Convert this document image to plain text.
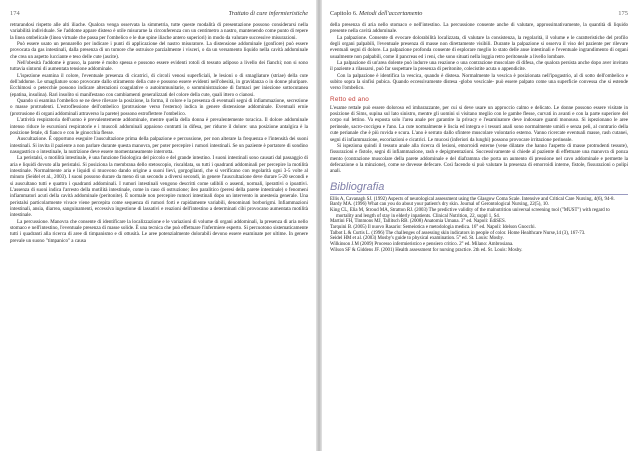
174	Trattato di cure infermieristiche

retrarandosi rispetto alle alti iliache. Qualora venga osservata la simmetria, tutte queste modalità di presentazione possono considerarsi nella variabilità individuale. Se l'addome appare disteso è utile misurarne la circonferenza con un centimetro a nastro, mantenendo come punto di repere la linea ombelicale (linea virtuale che passa per l'ombelico e le due spine iliache antero superiori) in modo da valutare successive misurazioni.

Può essere usato un pennarello per indicare i punti di applicazione del nastro misuratore. La distensione addominale (gonfiore) può essere provocata da gas intestinali, dalla presenza di un tumore che ostruisce parzialmente i visceri, o da un versamento liquido nella cavità addominale che crea un aspetto lucciante e teso delle cute (ascite).

Nell'obesità l'addome è grasso, la parete è molto spessa e possono essere evidenti rotoli di tessuto adiposo a livello dei fianchi; non si sono tuttavia sintomi di aumentata tensione addominale.

L'ispezione esamina il colore, l'eventuale presenza di cicatrici, di circoli venosi superficiali, le lesioni o di smagliature (striae) della cute dell'addome. Le smagliature sono provocate dallo stiramento della cute e possono essere evidenti nell'obesità, in gravidanza o in donne pluripare. Ecchimosi o petecchie possono indicare alterazioni coagulative o autoimmunitarie, o somministrazione di farmaci per iniezione sottocutanea (epatina, insulina). Rari insolito si manifestano con cambiamenti generalizzati del colore della cute, quali ittero o cianosi.

Quando si esamina l'ombelico se ne deve rilevare la posizione, la forma, il colore e la presenza di eventuali segni di infiammazione, secrezione o masse protrudenti. L'estroflessione dell'ombelico (protrusione verso l'esterno) indica in genere distensione addominale. Eventuali ernie (protrusione di organi addominali attraverso la parete) possono estroflettere l'ombelico.

L'attività respiratoria dell'uomo è prevalentemente addominale, mentre quella della donna è prevalentemente toracica. Il dolore addominale intenso riduce le escursioni respiratorie e i muscoli addominali appaiono contratti in difesa, per ridurre il dolore: una posizione antalgica è la posizione fetale, di fianco e con le ginocchia flesse.

Auscultazione. È opportuno eseguire l'auscultazione prima della palpazione e percussione, per non alterare la frequenza e l'intensità dei suoni intestinali. Si invita il paziente a non parlare durante questa manovra, per poter percepire i rumori intestinali. Se un paziente è portatore di sondino nasogastrico o intestinale, la nutrizione deve essere momentaneamente interrotta.

La peristalsi, o motilità intestinale, è una funzione fisiologica del piccolo e del grande intestino. I suoni intestinali sono causati dal passaggio di aria e liquidi dovuto alla peristalsi. Si posiziona la membrana dello stetoscopio, riscaldata, su tutti i quadranti addominali per percepire la motilità intestinale. Normalmente aria e liquidi si muovono dando origine a suoni lievi, gorgoglianti, che si verificano con regolarità ogni 3-5 volte al minuto (Seidel et al., 2003). I suoni possono durare da meno di un secondo a diversi secondi, in genere l'auscultazione deve durare 5-20 secondi e si auscultano tutti e quattro i quadranti addominali. I rumori intestinali vengono descritti come udibili o assenti, normali, iperattivi o ipoattivi. L'assenza di suoni indica l'arresto della motilità intestinale, come in caso di ostruzione; ileo paralitico (peresi della parete intestinale) o fenomeni infiammatori acuti della cavità addominale (peritonite). È normale non percepire rumori intestinali dopo un intervento in anestesia generale. Una peristalsi particolarmente vivace viene percepita come sequenza di rumori forti e rapidamente variabili, denominati borborigmi. Infiammazioni intestinali, ansia, diarrea, sanguinamenti, eccessiva ingestione di lassativi e reazioni dell'intestino a determinati cibi provocano aumentata motilità intestinale.

La percussione. Manovra che consente di identificare la localizzazione e le variazioni di volume di organi addominali, la presenza di aria nello stomaco e nell'intestino, l'eventuale presenza di masse solide. È una tecnica che può effettuare l'infermiere esperto. Si percuotono sistematicamente tutti i quadranti alla ricerca di aree di timpanismo e di ottusità. Le aree potenzialmente dolorabili devono essere esaminate per ultime. In genere prevale un suono "timpanico" a causa

Capitolo 6. Metodi dell'accertamento	175

della presenza di aria nello stomaco e nell'intestino. La percussione consente anche di valutare, approssimativamente, la quantità di liquido presente nella cavità addominale.

La palpazione. Consente di evocare dolorabilità localizzata, di valutare la consistenza, la regolarità, il volume e le caratteristiche del profilo degli organi palpabili, l'eventuale presenza di masse non direttamente visibili. Durante la palpazione si osserva il viso del paziente per rilevare eventuali segni di dolore. La palpazione profonda consente di esplorare meglio lo stato delle anse intestinali e l'eventuale ingrandimento di organi usualmente non palpabili, come il pancreas ed i reni, che sono situati nella loggia retro peritoneale a livello lombare.

La palpazione di un'area dolente può indurre una reazione o una contrazione muscolare di difesa, che qualora persista anche dopo aver invitato il paziente a rilassarsi, può far sospettare la presenza di peritonite, colecistite acuta o appendicite.

Con la palpazione è identifica la vescica, quando è distesa. Normalmente la vescica è posizionata nell'ipogastrio, al di sotto dell'ombelico e subito sopra la sinfisi pubica. Quando eccessivamente distesa -globo vescicale- può essere palpato come una superficie convessa che si estende verso l'ombelico.

Retto ed ano

L'esame rettale può essere doloroso ed imbarazzante, per cui si deve usare un approccio calmo e delicato. Le donne possono essere visitate in posizione di Sims, supina sul lato sinistro, mentre gli uomini si visitano meglio con le gambe flesse, curvati in avanti e con la parte superiore del corpo sul lettino. Va esposta solo l'area anale per garantire la privacy e l'esaminatore deve indossare guanti monouso. Si ispezionano le aree perineale, sacro-coccigea e l'ano. La cute normalmente è liscia ed integra e i tessuti anali sono normalmente umidi e senza peli, al contrario della cute perianale che è più ruvida e scura. L'ano è serrato dallo sfintere muscolare volontario esterno. Vanno ricercate eventuali masse, rash cutanei, segni di infiammazione, escoriazioni e cicatrici. Le mucosi (inferiori da lunghi) possono provocare irritazione perineale.

Si ispeziona quindi il tessuto anale alla ricerca di lesioni, emorroidi esterne (vene dilatate che hanno l'aspetto di masse protrudenti tessute), fissurazioni e fistole, segni di infiammazione, rash e depigmentazioni. Successivamente si chiede al paziente di effettuare una manovra di ponza mento (contrazione muscolare della parete addominale e del diaframma che porta un aumento di pressione nel cavo addominale e permette la defecazione o la minzione), come se dovesse defecare. Così facendo si può valutare la presenza di emorroidi interne, fistole, fissurazioni o polipi anali.

Bibliografia

Ellis A, Cavanagh SJ. (1992) Aspects of neurological assessment using the Glasgow Coma Scale. Intensive and Critical Care Nursing, 4(6), 94-8.

Bardy MA. (1996) What can you do about your patient's dry skin. Journal of Gerontological Nursing, 22(5), 10.

King CL, Elia M, Stroud MA, Stratton RJ. (2003) The predictive validity of the malnutrition universal screening tool ("MUST") with regard to mortality and length of stay in elderly inpatients. Clinical Nutrition, 22, suppl 1, S4.

Martini FH, Timmons MJ, Tallitsch RB. (2008) Anatomia Umana. 3° ed. Napoli: EdiSES.

Tarquini B. (2005) Il nuovo Rasario: Semeiotica e metodologia medica. 16° ed. Napoli: Idelson Gnocchi.

Talbot L & Curtis L. (1996) The challenges of assessing skin indicators in people of color. Home Healthcare Nurse,14 (3), 167-73.

Seidel HM et al. (2003) Mosby's guide to physical examination. 5° ed. St. Louis: Mosby.

Wilkinson J.M (2009) Processo infermieristico e pensiero critico. 2° ed. Milano: Ambrosiana.

Wilson SF & Giddens JF. (2001) Health assessment for nursing practice. 2th ed. St. Louis: Mosby.
